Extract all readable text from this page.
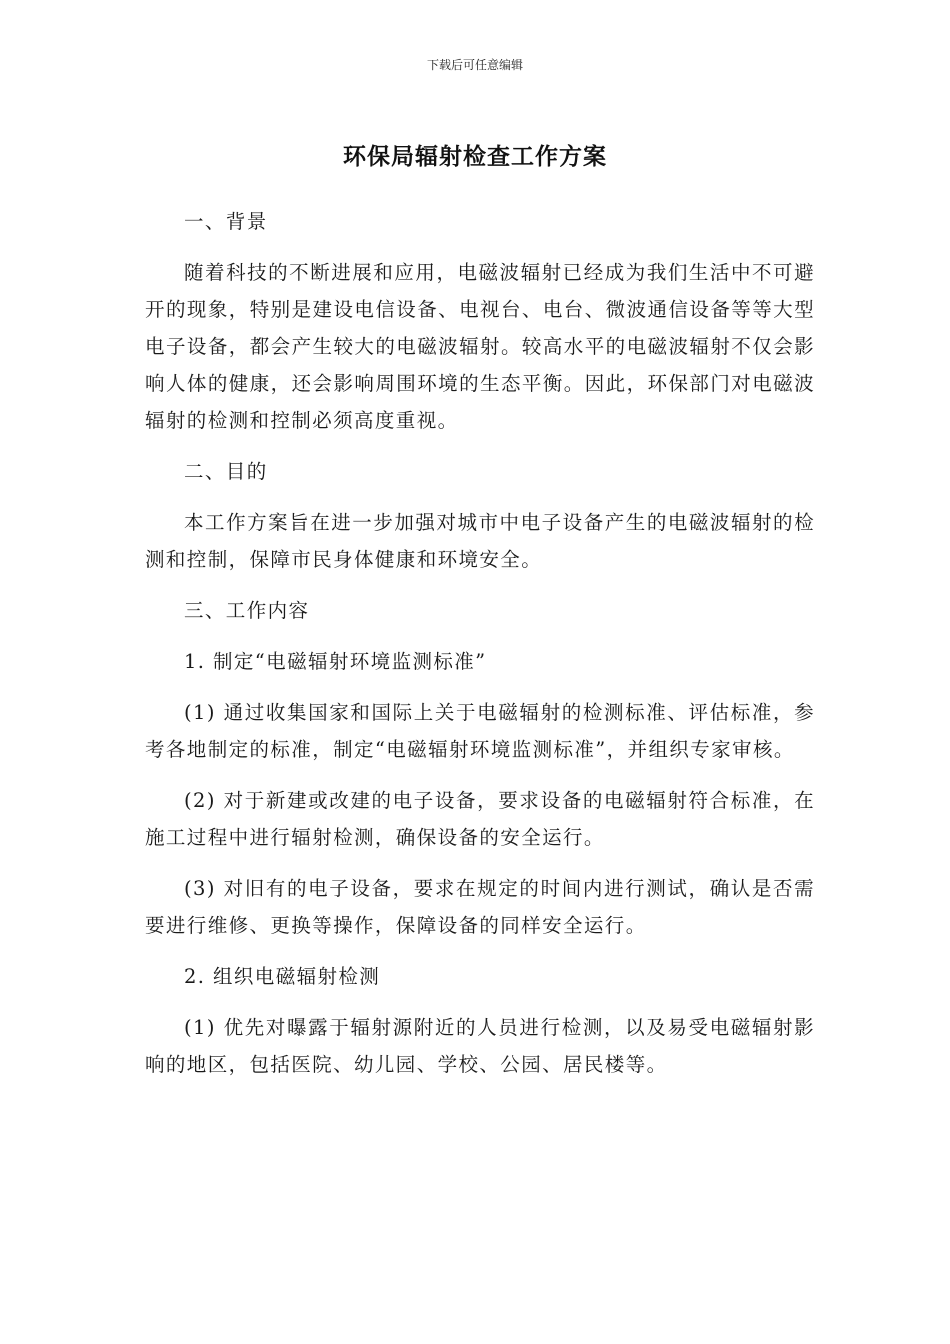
下载后可任意编辑
环保局辐射检查工作方案

一、背景

随着科技的不断进展和应用，电磁波辐射已经成为我们生活中不可避开的现象，特别是建设电信设备、电视台、电台、微波通信设备等等大型电子设备，都会产生较大的电磁波辐射。较高水平的电磁波辐射不仅会影响人体的健康，还会影响周围环境的生态平衡。因此，环保部门对电磁波辐射的检测和控制必须高度重视。

二、目的

本工作方案旨在进一步加强对城市中电子设备产生的电磁波辐射的检测和控制，保障市民身体健康和环境安全。

三、工作内容

1. 制定“电磁辐射环境监测标准”

(1) 通过收集国家和国际上关于电磁辐射的检测标准、评估标准，参考各地制定的标准，制定“电磁辐射环境监测标准”，并组织专家审核。

(2) 对于新建或改建的电子设备，要求设备的电磁辐射符合标准，在施工过程中进行辐射检测，确保设备的安全运行。

(3) 对旧有的电子设备，要求在规定的时间内进行测试，确认是否需要进行维修、更换等操作，保障设备的同样安全运行。

2. 组织电磁辐射检测

(1) 优先对曝露于辐射源附近的人员进行检测，以及易受电磁辐射影响的地区，包括医院、幼儿园、学校、公园、居民楼等。
